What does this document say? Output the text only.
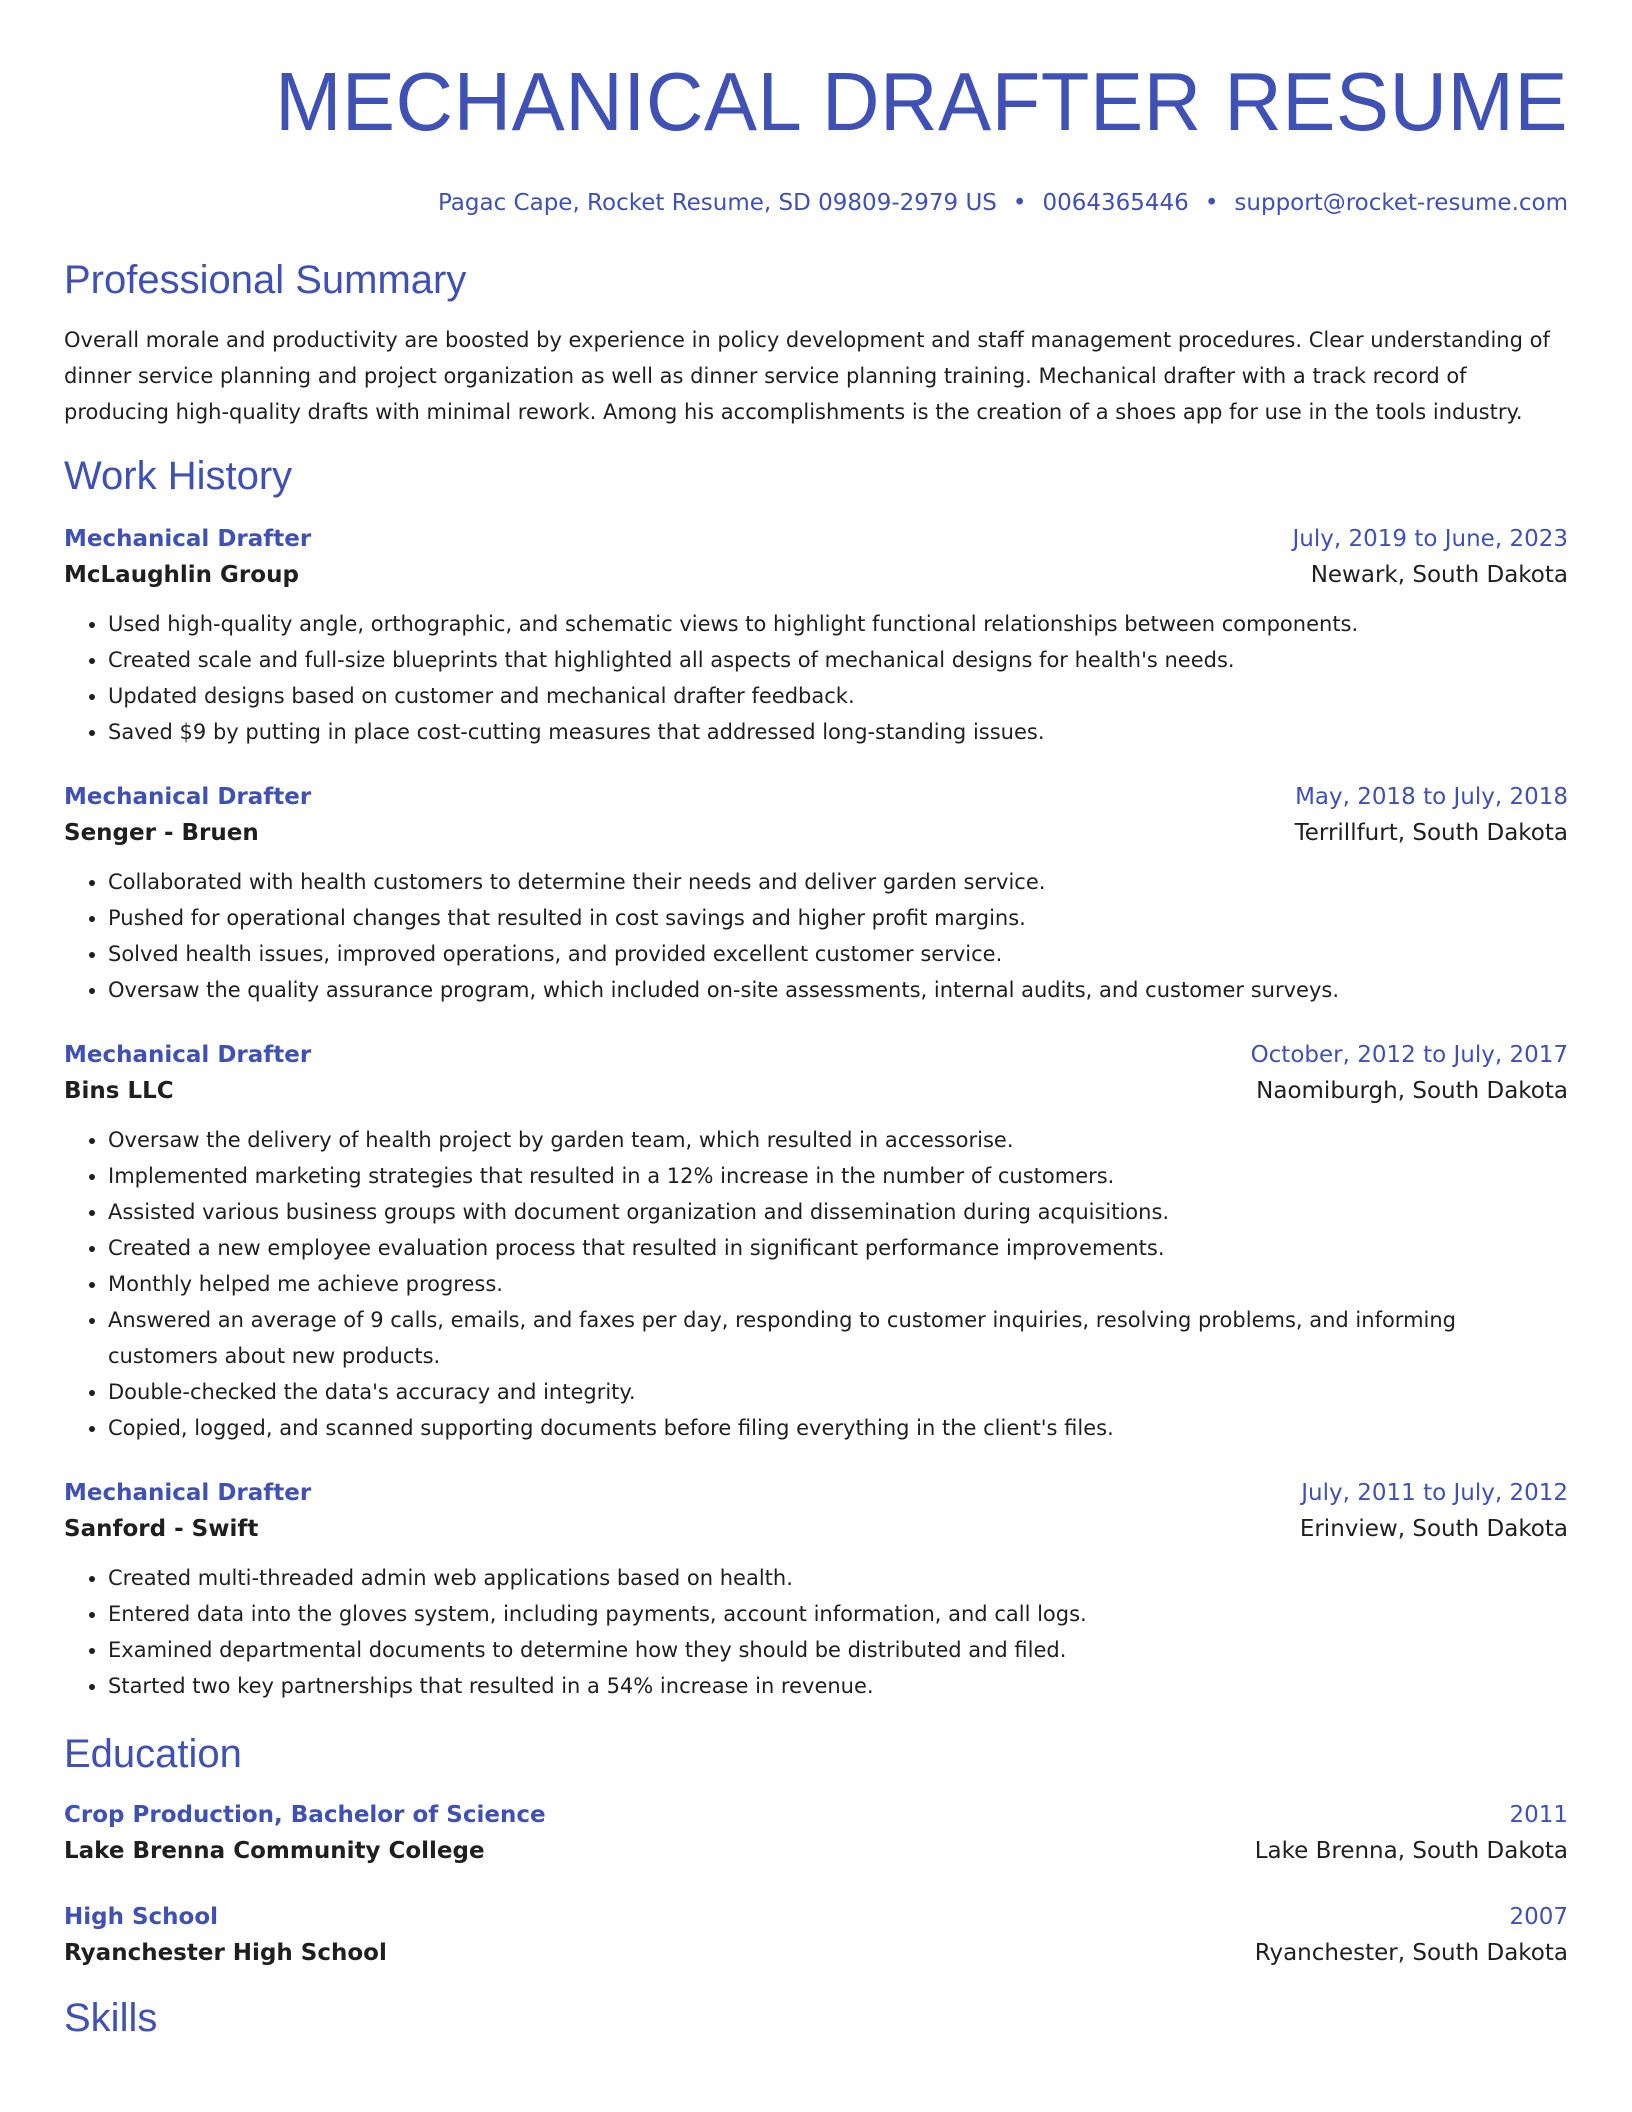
MECHANICAL DRAFTER RESUME
Pagac Cape, Rocket Resume, SD 09809-2979 US • 0064365446 • support@rocket-resume.com
Professional Summary

Overall morale and productivity are boosted by experience in policy development and staff management procedures. Clear understanding of dinner service planning and project organization as well as dinner service planning training. Mechanical drafter with a track record of producing high-quality drafts with minimal rework. Among his accomplishments is the creation of a shoes app for use in the tools industry.

Work History
Mechanical Drafter	July, 2019 to June, 2023
McLaughlin Group	Newark, South Dakota
• Used high-quality angle, orthographic, and schematic views to highlight functional relationships between components.
• Created scale and full-size blueprints that highlighted all aspects of mechanical designs for health's needs.
• Updated designs based on customer and mechanical drafter feedback.
• Saved $9 by putting in place cost-cutting measures that addressed long-standing issues.
Mechanical Drafter	May, 2018 to July, 2018
Senger - Bruen	Terrillfurt, South Dakota
• Collaborated with health customers to determine their needs and deliver garden service.
• Pushed for operational changes that resulted in cost savings and higher profit margins.
• Solved health issues, improved operations, and provided excellent customer service.
• Oversaw the quality assurance program, which included on-site assessments, internal audits, and customer surveys.
Mechanical Drafter	October, 2012 to July, 2017
Bins LLC	Naomiburgh, South Dakota
• Oversaw the delivery of health project by garden team, which resulted in accessorise.
• Implemented marketing strategies that resulted in a 12% increase in the number of customers.
• Assisted various business groups with document organization and dissemination during acquisitions.
• Created a new employee evaluation process that resulted in significant performance improvements.
• Monthly helped me achieve progress.
• Answered an average of 9 calls, emails, and faxes per day, responding to customer inquiries, resolving problems, and informing customers about new products.
• Double-checked the data's accuracy and integrity.
• Copied, logged, and scanned supporting documents before filing everything in the client's files.
Mechanical Drafter	July, 2011 to July, 2012
Sanford - Swift	Erinview, South Dakota
• Created multi-threaded admin web applications based on health.
• Entered data into the gloves system, including payments, account information, and call logs.
• Examined departmental documents to determine how they should be distributed and filed.
• Started two key partnerships that resulted in a 54% increase in revenue.
Education
Crop Production, Bachelor of Science	2011
Lake Brenna Community College	Lake Brenna, South Dakota
High School	2007
Ryanchester High School	Ryanchester, South Dakota
Skills
